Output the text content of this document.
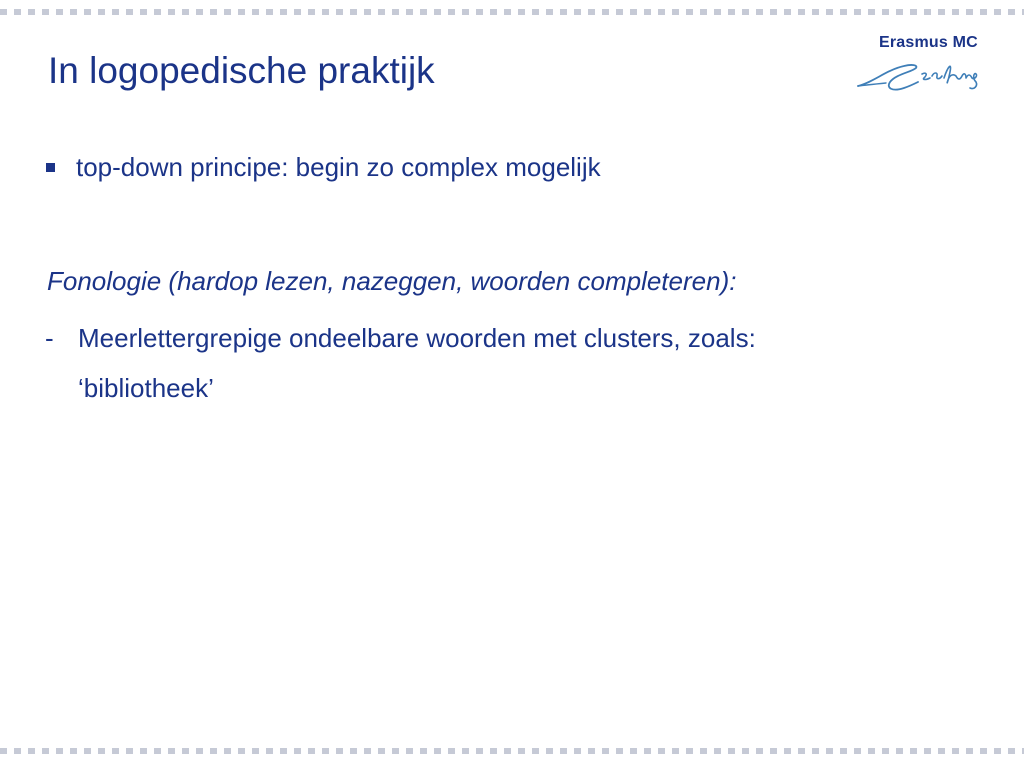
In logopedische praktijk
Erasmus MC
top-down principe: begin zo complex mogelijk
Fonologie (hardop lezen, nazeggen, woorden completeren):
- Meerlettergrepige ondeelbare woorden met clusters, zoals:
‘bibliotheek’
